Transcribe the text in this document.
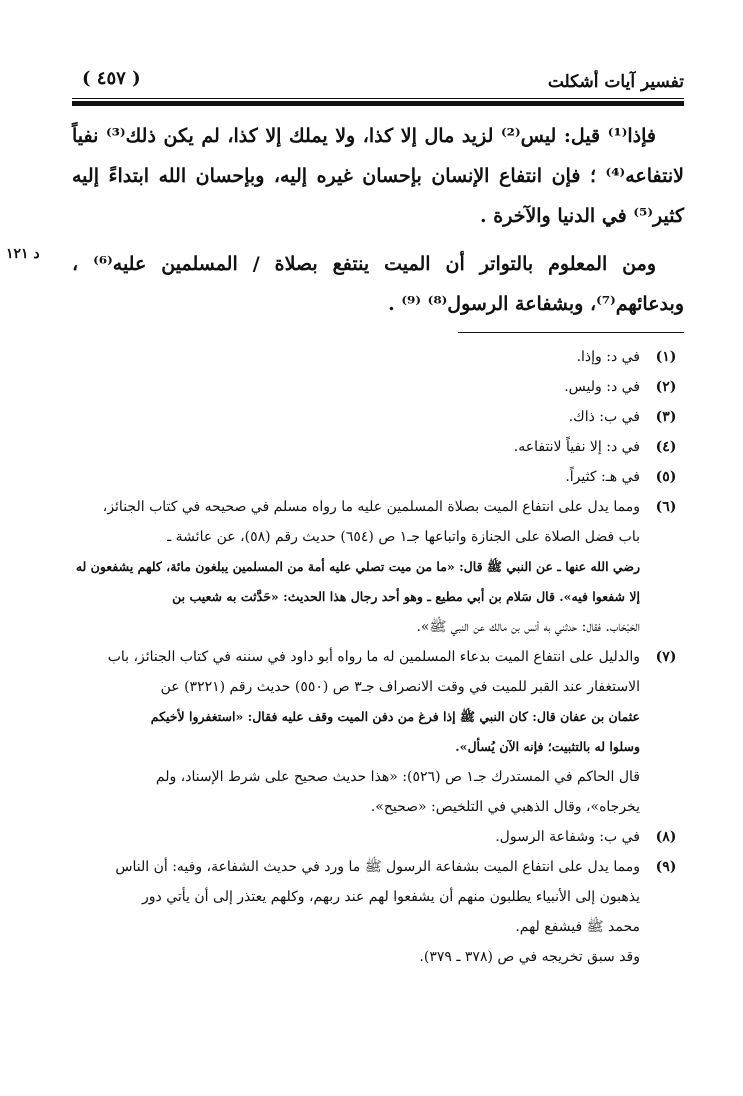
تفسير آيات أشكلت
( ٤٥٧ )
د ١٢١

فإذا⁽¹⁾ قيل: ليس⁽²⁾ لزيد مال إلا كذا، ولا يملك إلا كذا، لم يكن ذلك⁽³⁾ نفياً لانتفاعه⁽⁴⁾ ؛ فإن انتفاع الإنسان بإحسان غيره إليه، وبإحسان الله ابتداءً إليه كثير⁽⁵⁾ في الدنيا والآخرة .

ومن المعلوم بالتواتر أن الميت ينتفع بصلاة / المسلمين عليه⁽⁶⁾ ، وبدعائهم⁽⁷⁾، وبشفاعة الرسول⁽⁸⁾ ⁽⁹⁾ .

(١)

في د: وإذا.

(٢)

في د: وليس.

(٣)

في ب: ذاك.

(٤)

في د: إلا نفياً لانتفاعه.

(٥)

في هـ: كثيراً.

(٦)

ومما يدل على انتفاع الميت بصلاة المسلمين عليه ما رواه مسلم في صحيحه في كتاب الجنائز،

باب فضل الصلاة على الجنازة واتباعها جـ١ ص (٦٥٤) حديث رقم (٥٨)، عن عائشة ـ

رضي الله عنها ـ عن النبي ﷺ قال: «ما من ميت تصلي عليه أمة من المسلمين يبلغون مائة، كلهم يشفعون له

إلا شفعوا فيه». قال سَلام بن أبي مطيع ـ وهو أحد رجال هذا الحديث: «حَدَّثت به شعيب بن

الحَبْحَاب. فقال: حدثني به أنس بن مالك عن النبي ﷺ».

(٧)

والدليل على انتفاع الميت بدعاء المسلمين له ما رواه أبو داود في سننه في كتاب الجنائز، باب

الاستغفار عند القبر للميت في وقت الانصراف جـ٣ ص (٥٥٠) حديث رقم (٣٢٢١) عن

عثمان بن عفان قال: كان النبي ﷺ إذا فرغ من دفن الميت وقف عليه فقال: «استغفروا لأخيكم

وسلوا له بالتثبيت؛ فإنه الآن يُسأل».

قال الحاكم في المستدرك جـ١ ص (٥٢٦): «هذا حديث صحيح على شرط الإسناد، ولم

يخرجاه»، وقال الذهبي في التلخيص: «صحيح».

(٨)

في ب: وشفاعة الرسول.

(٩)

ومما يدل على انتفاع الميت بشفاعة الرسول ﷺ ما ورد في حديث الشفاعة، وفيه: أن الناس

يذهبون إلى الأنبياء يطلبون منهم أن يشفعوا لهم عند ربهم، وكلهم يعتذر إلى أن يأتي دور

محمد ﷺ فيشفع لهم.

وقد سبق تخريجه في ص (٣٧٨ ـ ٣٧٩).
